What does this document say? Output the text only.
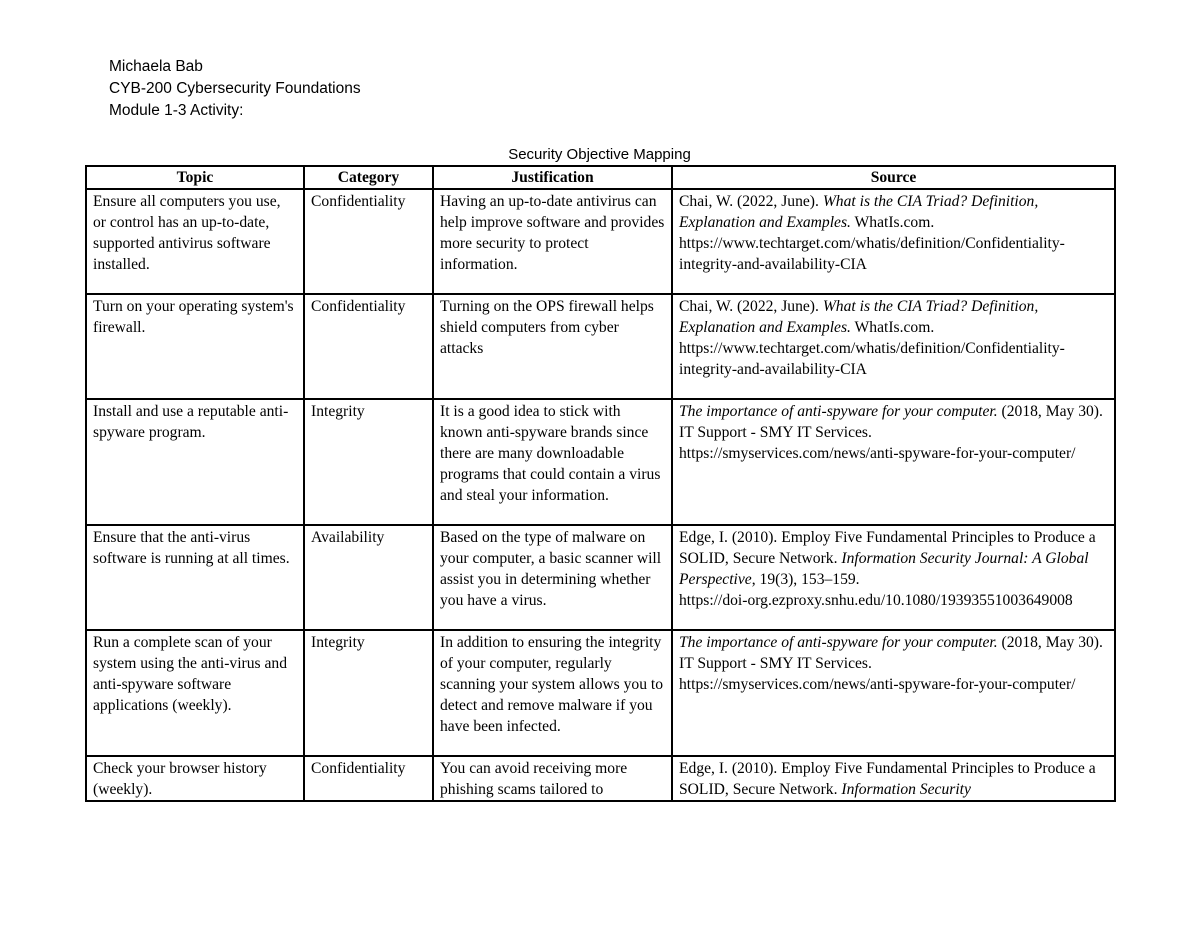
Michaela Bab
CYB-200 Cybersecurity Foundations
Module 1-3 Activity:
Security Objective Mapping
Topic	Category	Justification	Source
Ensure all computers you use, or control has an up-to-date, supported antivirus software installed.	Confidentiality	Having an up-to-date antivirus can help improve software and provides more security to protect information.	Chai, W. (2022, June). What is the CIA Triad? Definition, Explanation and Examples. WhatIs.com.
https://www.techtarget.com/whatis/definition/Confidentiality-integrity-and-availability-CIA
Turn on your operating system's firewall.	Confidentiality	Turning on the OPS firewall helps shield computers from cyber attacks	Chai, W. (2022, June). What is the CIA Triad? Definition, Explanation and Examples. WhatIs.com.
https://www.techtarget.com/whatis/definition/Confidentiality-integrity-and-availability-CIA
Install and use a reputable anti-spyware program.	Integrity	It is a good idea to stick with known anti-spyware brands since there are many downloadable programs that could contain a virus and steal your information.	The importance of anti-spyware for your computer. (2018, May 30). IT Support - SMY IT Services.
https://smyservices.com/news/anti-spyware-for-your-computer/
Ensure that the anti-virus software is running at all times.	Availability	Based on the type of malware on your computer, a basic scanner will assist you in determining whether you have a virus.	Edge, I. (2010). Employ Five Fundamental Principles to Produce a SOLID, Secure Network. Information Security Journal: A Global Perspective, 19(3), 153–159.
https://doi-org.ezproxy.snhu.edu/10.1080/19393551003649008
Run a complete scan of your system using the anti-virus and anti-spyware software applications (weekly).	Integrity	In addition to ensuring the integrity of your computer, regularly scanning your system allows you to detect and remove malware if you have been infected.	The importance of anti-spyware for your computer. (2018, May 30). IT Support - SMY IT Services.
https://smyservices.com/news/anti-spyware-for-your-computer/
Check your browser history (weekly).	Confidentiality	You can avoid receiving more phishing scams tailored to	Edge, I. (2010). Employ Five Fundamental Principles to Produce a SOLID, Secure Network. Information Security
